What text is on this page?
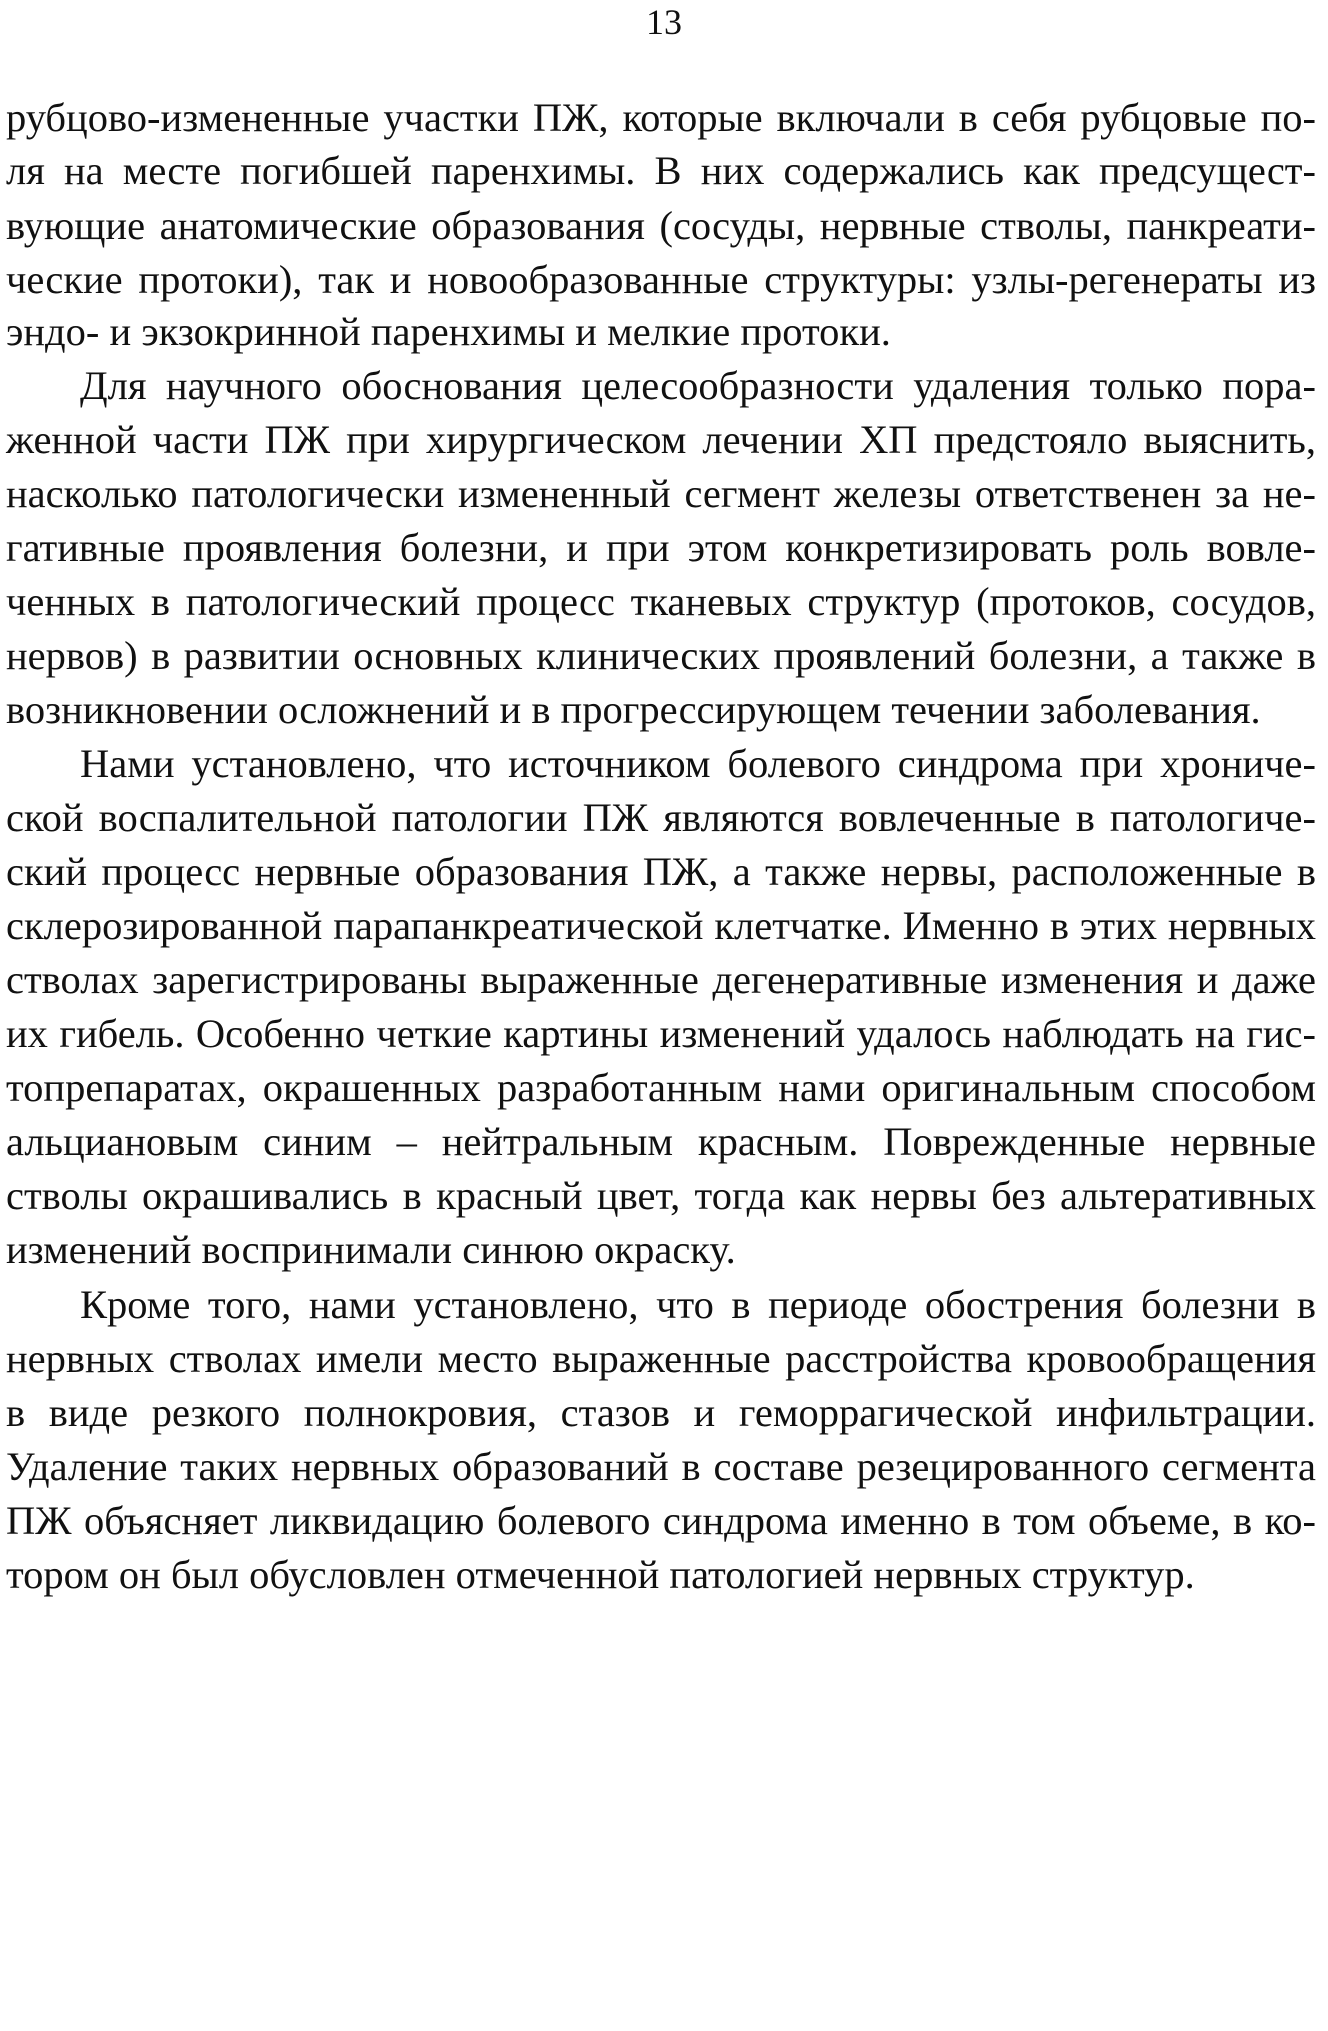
13
рубцово-измененные участки ПЖ, которые включали в себя рубцовые по-
ля на месте погибшей паренхимы. В них содержались как предсущест-
вующие анатомические образования (сосуды, нервные стволы, панкреати-
ческие протоки), так и новообразованные структуры: узлы-регенераты из
эндо- и экзокринной паренхимы и мелкие протоки.
Для научного обоснования целесообразности удаления только пора-
женной части ПЖ при хирургическом лечении ХП предстояло выяснить,
насколько патологически измененный сегмент железы ответственен за не-
гативные проявления болезни, и при этом конкретизировать роль вовле-
ченных в патологический процесс тканевых структур (протоков, сосудов,
нервов) в развитии основных клинических проявлений болезни, а также в
возникновении осложнений и в прогрессирующем течении заболевания.
Нами установлено, что источником болевого синдрома при хрониче-
ской воспалительной патологии ПЖ являются вовлеченные в патологиче-
ский процесс нервные образования ПЖ, а также нервы, расположенные в
склерозированной парапанкреатической клетчатке. Именно в этих нервных
стволах зарегистрированы выраженные дегенеративные изменения и даже
их гибель. Особенно четкие картины изменений удалось наблюдать на гис-
топрепаратах, окрашенных разработанным нами оригинальным способом
альциановым синим – нейтральным красным. Поврежденные нервные
стволы окрашивались в красный цвет, тогда как нервы без альтеративных
изменений воспринимали синюю окраску.
Кроме того, нами установлено, что в периоде обострения болезни в
нервных стволах имели место выраженные расстройства кровообращения
в виде резкого полнокровия, стазов и геморрагической инфильтрации.
Удаление таких нервных образований в составе резецированного сегмента
ПЖ объясняет ликвидацию болевого синдрома именно в том объеме, в ко-
тором он был обусловлен отмеченной патологией нервных структур.
